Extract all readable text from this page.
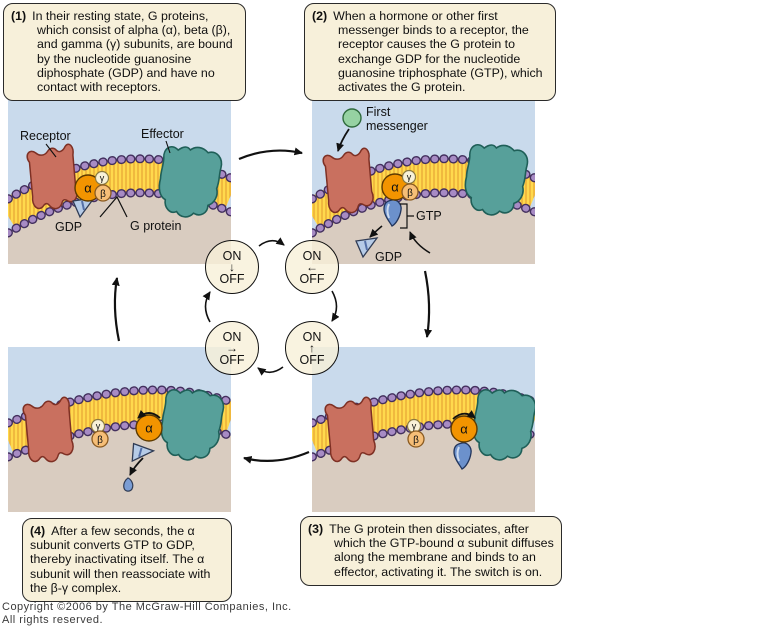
(1) In their resting state, G proteins, which consist of alpha (α), beta (β), and gamma (γ) subunits, are bound by the nucleotide guanosine diphosphate (GDP) and have no contact with receptors.
(2) When a hormone or other first messenger binds to a receptor, the receptor causes the G protein to exchange GDP for the nucleotide guanosine triphosphate (GTP), which activates the G protein.
(3) The G protein then dissociates, after which the GTP-bound α subunit diffuses along the membrane and binds to an effector, activating it. The switch is on.
(4) After a few seconds, the α subunit converts GTP to GDP, thereby inactivating itself. The α subunit will then reassociate with the β-γ complex.
Receptor	Effector
GDP	G protein
First
messenger
GTP
GDP
ON
↓
OFF
ON
←
OFF
ON
↑
OFF
ON
→
OFF
Copyright ©2006 by The McGraw-Hill Companies, Inc.
All rights reserved.
